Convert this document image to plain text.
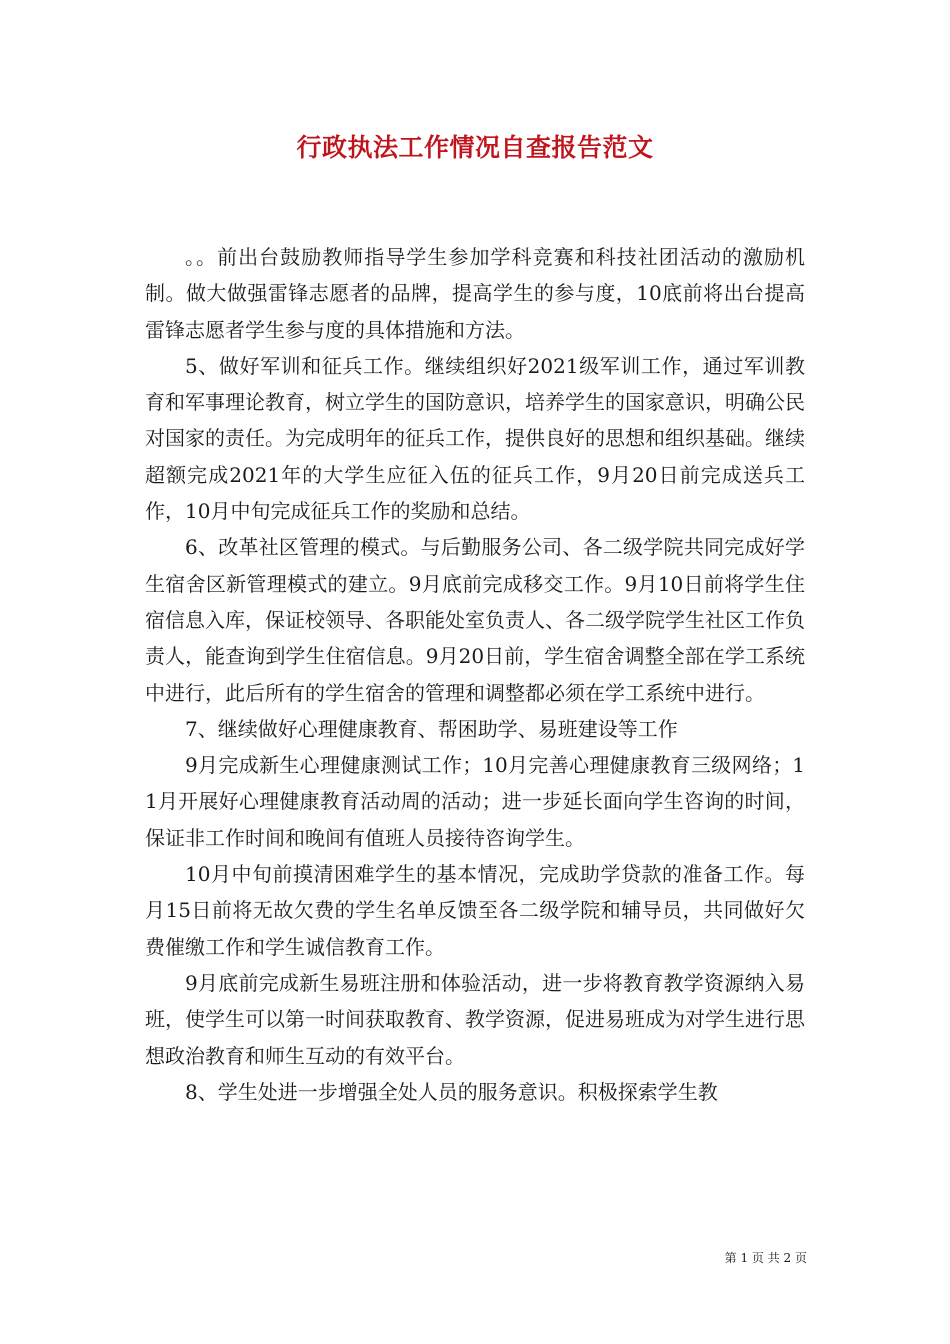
行政执法工作情况自查报告范文

。。前出台鼓励教师指导学生参加学科竞赛和科技社团活动的激励机制。做大做强雷锋志愿者的品牌，提高学生的参与度，10底前将出台提高雷锋志愿者学生参与度的具体措施和方法。

5、做好军训和征兵工作。继续组织好2021级军训工作，通过军训教育和军事理论教育，树立学生的国防意识，培养学生的国家意识，明确公民对国家的责任。为完成明年的征兵工作，提供良好的思想和组织基础。继续超额完成2021年的大学生应征入伍的征兵工作，9月20日前完成送兵工作，10月中旬完成征兵工作的奖励和总结。

6、改革社区管理的模式。与后勤服务公司、各二级学院共同完成好学生宿舍区新管理模式的建立。9月底前完成移交工作。9月10日前将学生住宿信息入库，保证校领导、各职能处室负责人、各二级学院学生社区工作负责人，能查询到学生住宿信息。9月20日前，学生宿舍调整全部在学工系统中进行，此后所有的学生宿舍的管理和调整都必须在学工系统中进行。

7、继续做好心理健康教育、帮困助学、易班建设等工作

9月完成新生心理健康测试工作；10月完善心理健康教育三级网络；11月开展好心理健康教育活动周的活动；进一步延长面向学生咨询的时间，保证非工作时间和晚间有值班人员接待咨询学生。

10月中旬前摸清困难学生的基本情况，完成助学贷款的准备工作。每月15日前将无故欠费的学生名单反馈至各二级学院和辅导员，共同做好欠费催缴工作和学生诚信教育工作。

9月底前完成新生易班注册和体验活动，进一步将教育教学资源纳入易班，使学生可以第一时间获取教育、教学资源，促进易班成为对学生进行思想政治教育和师生互动的有效平台。

8、学生处进一步增强全处人员的服务意识。积极探索学生教

第 1 页 共 2 页
